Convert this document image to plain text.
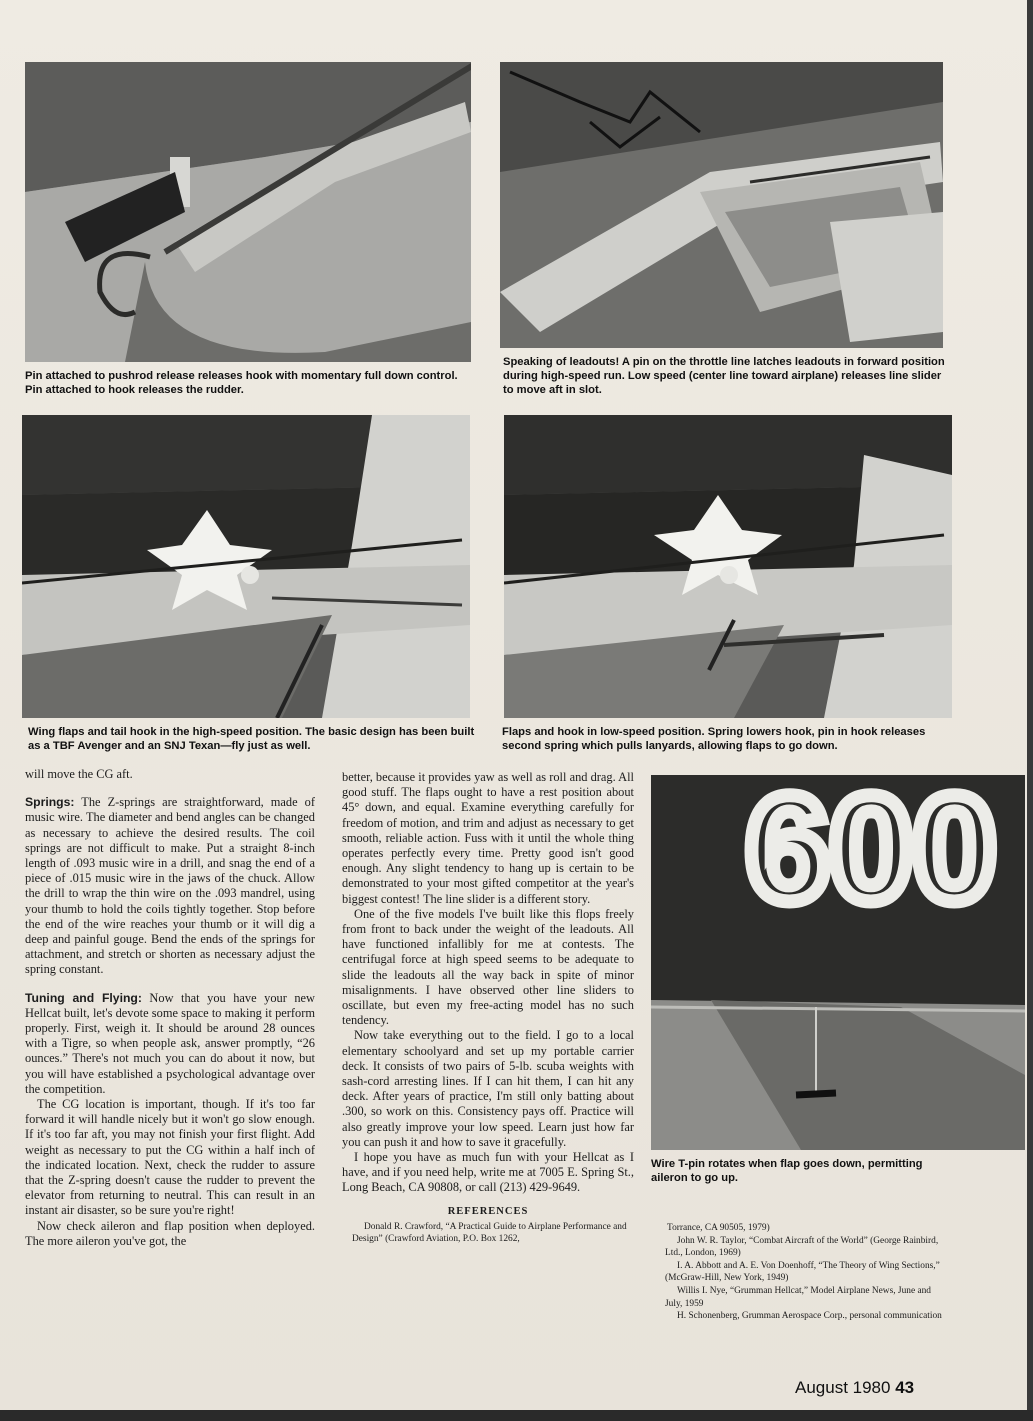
Pin attached to pushrod release releases hook with momentary full down control. Pin attached to hook releases the rudder.

Speaking of leadouts! A pin on the throttle line latches leadouts in forward position during high-speed run. Low speed (center line toward airplane) releases line slider to move aft in slot.

Wing flaps and tail hook in the high-speed position. The basic design has been built as a TBF Avenger and an SNJ Texan—fly just as well.

Flaps and hook in low-speed position. Spring lowers hook, pin in hook releases second spring which pulls lanyards, allowing flaps to go down.

600

Wire T-pin rotates when flap goes down, permitting aileron to go up.

will move the CG aft.

Springs: The Z-springs are straightforward, made of music wire. The diameter and bend angles can be changed as necessary to achieve the desired results. The coil springs are not difficult to make. Put a straight 8-inch length of .093 music wire in a drill, and snag the end of a piece of .015 music wire in the jaws of the chuck. Allow the drill to wrap the thin wire on the .093 mandrel, using your thumb to hold the coils tightly together. Stop before the end of the wire reaches your thumb or it will dig a deep and painful gouge. Bend the ends of the springs for attachment, and stretch or shorten as necessary adjust the spring constant.

Tuning and Flying: Now that you have your new Hellcat built, let's devote some space to making it perform properly. First, weigh it. It should be around 28 ounces with a Tigre, so when people ask, answer promptly, “26 ounces.” There's not much you can do about it now, but you will have established a psychological advantage over the competition.

The CG location is important, though. If it's too far forward it will handle nicely but it won't go slow enough. If it's too far aft, you may not finish your first flight. Add weight as necessary to put the CG within a half inch of the indicated location. Next, check the rudder to assure that the Z-spring doesn't cause the rudder to prevent the elevator from returning to neutral. This can result in an instant air disaster, so be sure you're right!

Now check aileron and flap position when deployed. The more aileron you've got, the

better, because it provides yaw as well as roll and drag. All good stuff. The flaps ought to have a rest position about 45° down, and equal. Examine everything carefully for freedom of motion, and trim and adjust as necessary to get smooth, reliable action. Fuss with it until the whole thing operates perfectly every time. Pretty good isn't good enough. Any slight tendency to hang up is certain to be demonstrated to your most gifted competitor at the year's biggest contest! The line slider is a different story.

One of the five models I've built like this flops freely from front to back under the weight of the leadouts. All have functioned infallibly for me at contests. The centrifugal force at high speed seems to be adequate to slide the leadouts all the way back in spite of minor misalignments. I have observed other line sliders to oscillate, but even my free-acting model has no such tendency.

Now take everything out to the field. I go to a local elementary schoolyard and set up my portable carrier deck. It consists of two pairs of 5-lb. scuba weights with sash-cord arresting lines. If I can hit them, I can hit any deck. After years of practice, I'm still only batting about .300, so work on this. Consistency pays off. Practice will also greatly improve your low speed. Learn just how far you can push it and how to save it gracefully.

I hope you have as much fun with your Hellcat as I have, and if you need help, write me at 7005 E. Spring St., Long Beach, CA 90808, or call (213) 429-9649.

REFERENCES

Donald R. Crawford, “A Practical Guide to Airplane Performance and Design” (Crawford Aviation, P.O. Box 1262,

Torrance, CA 90505, 1979)

John W. R. Taylor, “Combat Aircraft of the World” (George Rainbird, Ltd., London, 1969)

I. A. Abbott and A. E. Von Doenhoff, “The Theory of Wing Sections,” (McGraw-Hill, New York, 1949)

Willis I. Nye, “Grumman Hellcat,” Model Airplane News, June and July, 1959

H. Schonenberg, Grumman Aerospace Corp., personal communication

August 1980 43
